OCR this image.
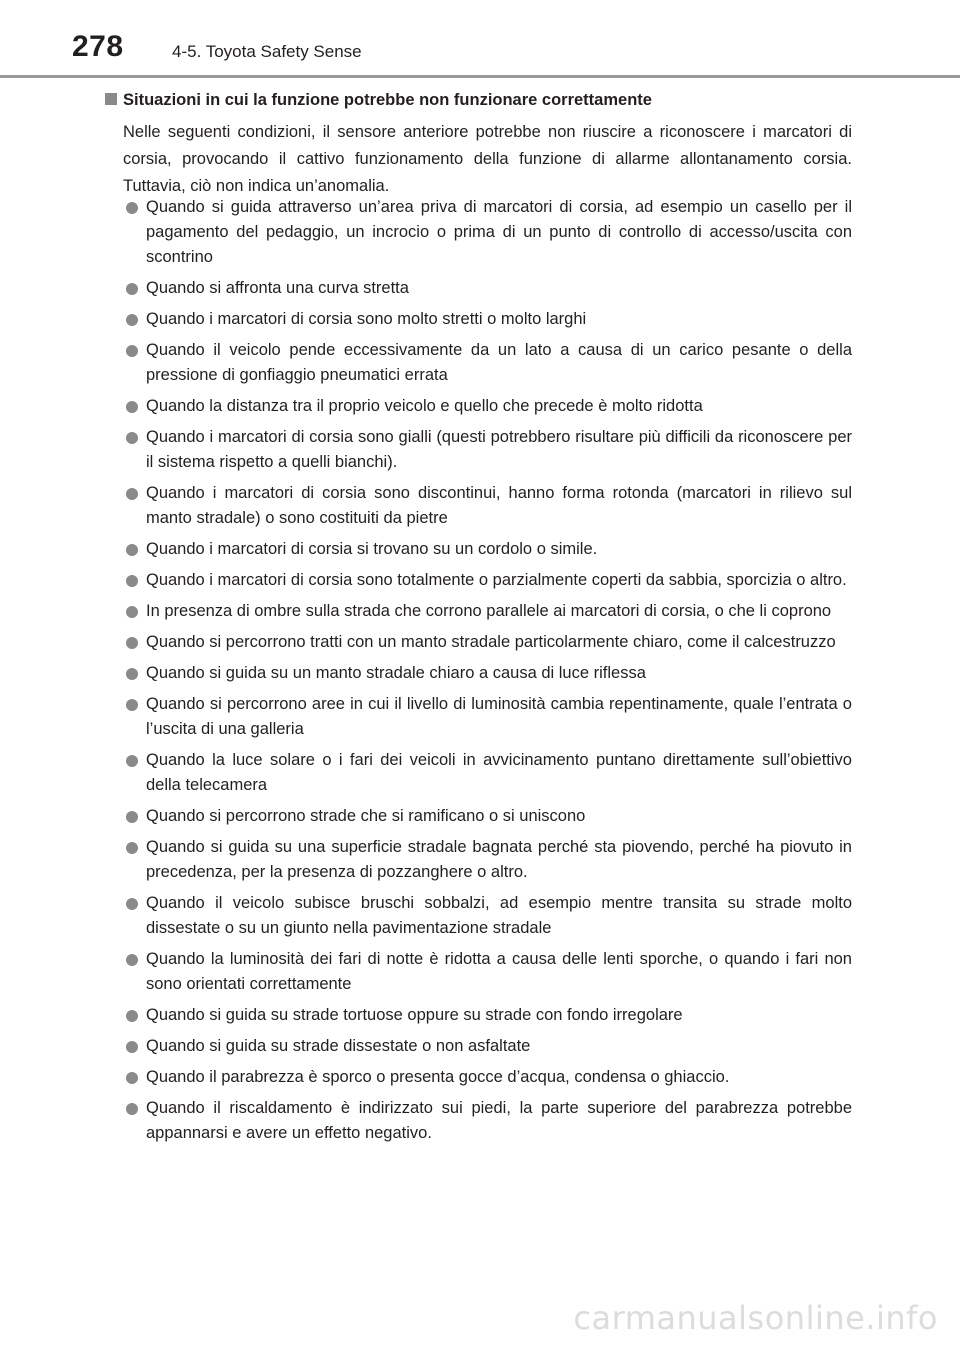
278	4-5. Toyota Safety Sense
Situazioni in cui la funzione potrebbe non funzionare correttamente
Nelle seguenti condizioni, il sensore anteriore potrebbe non riuscire a riconoscere i marcatori di corsia, provocando il cattivo funzionamento della funzione di allarme allontanamento corsia. Tuttavia, ciò non indica un’anomalia.
Quando si guida attraverso un’area priva di marcatori di corsia, ad esempio un casello per il pagamento del pedaggio, un incrocio o prima di un punto di controllo di accesso/uscita con scontrino
Quando si affronta una curva stretta
Quando i marcatori di corsia sono molto stretti o molto larghi
Quando il veicolo pende eccessivamente da un lato a causa di un carico pesante o della pressione di gonfiaggio pneumatici errata
Quando la distanza tra il proprio veicolo e quello che precede è molto ridotta
Quando i marcatori di corsia sono gialli (questi potrebbero risultare più difficili da riconoscere per il sistema rispetto a quelli bianchi).
Quando i marcatori di corsia sono discontinui, hanno forma rotonda (marcatori in rilievo sul manto stradale) o sono costituiti da pietre
Quando i marcatori di corsia si trovano su un cordolo o simile.
Quando i marcatori di corsia sono totalmente o parzialmente coperti da sabbia, sporcizia o altro.
In presenza di ombre sulla strada che corrono parallele ai marcatori di corsia, o che li coprono
Quando si percorrono tratti con un manto stradale particolarmente chiaro, come il calcestruzzo
Quando si guida su un manto stradale chiaro a causa di luce riflessa
Quando si percorrono aree in cui il livello di luminosità cambia repentinamente, quale l’entrata o l’uscita di una galleria
Quando la luce solare o i fari dei veicoli in avvicinamento puntano direttamente sull’obiettivo della telecamera
Quando si percorrono strade che si ramificano o si uniscono
Quando si guida su una superficie stradale bagnata perché sta piovendo, perché ha piovuto in precedenza, per la presenza di pozzanghere o altro.
Quando il veicolo subisce bruschi sobbalzi, ad esempio mentre transita su strade molto dissestate o su un giunto nella pavimentazione stradale
Quando la luminosità dei fari di notte è ridotta a causa delle lenti sporche, o quando i fari non sono orientati correttamente
Quando si guida su strade tortuose oppure su strade con fondo irregolare
Quando si guida su strade dissestate o non asfaltate
Quando il parabrezza è sporco o presenta gocce d’acqua, condensa o ghiaccio.
Quando il riscaldamento è indirizzato sui piedi, la parte superiore del parabrezza potrebbe appannarsi e avere un effetto negativo.
carmanualsonline.info
